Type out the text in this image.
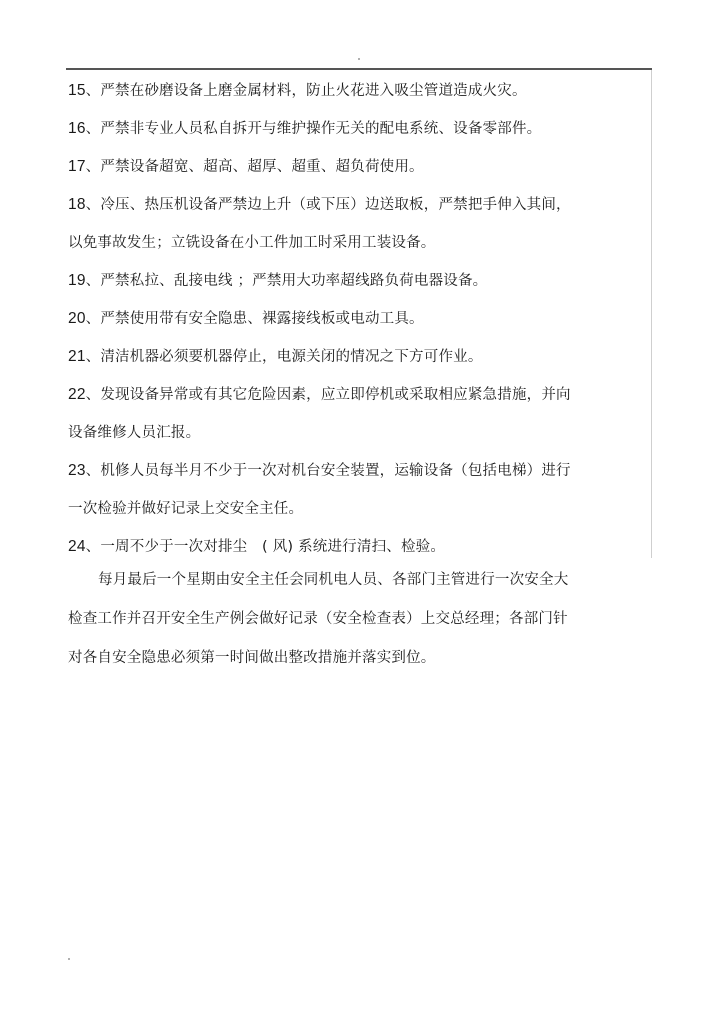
15、严禁在砂磨设备上磨金属材料，防止火花进入吸尘管道造成火灾。
16、严禁非专业人员私自拆开与维护操作无关的配电系统、设备零部件。
17、严禁设备超宽、超高、超厚、超重、超负荷使用。
18、冷压、热压机设备严禁边上升（或下压）边送取板，严禁把手伸入其间，
以免事故发生；立铣设备在小工件加工时采用工装设备。
19、严禁私拉、乱接电线 ；严禁用大功率超线路负荷电器设备。
20、严禁使用带有安全隐患、裸露接线板或电动工具。
21、清洁机器必须要机器停止，电源关闭的情况之下方可作业。
22、发现设备异常或有其它危险因素，应立即停机或采取相应紧急措施，并向
设备维修人员汇报。
23、机修人员每半月不少于一次对机台安全装置，运输设备（包括电梯）进行
一次检验并做好记录上交安全主任。
24、一周不少于一次对排尘　( 风) 系统进行清扫、检验。
每月最后一个星期由安全主任会同机电人员、各部门主管进行一次安全大
检查工作并召开安全生产例会做好记录（安全检查表）上交总经理；各部门针
对各自安全隐患必须第一时间做出整改措施并落实到位。
